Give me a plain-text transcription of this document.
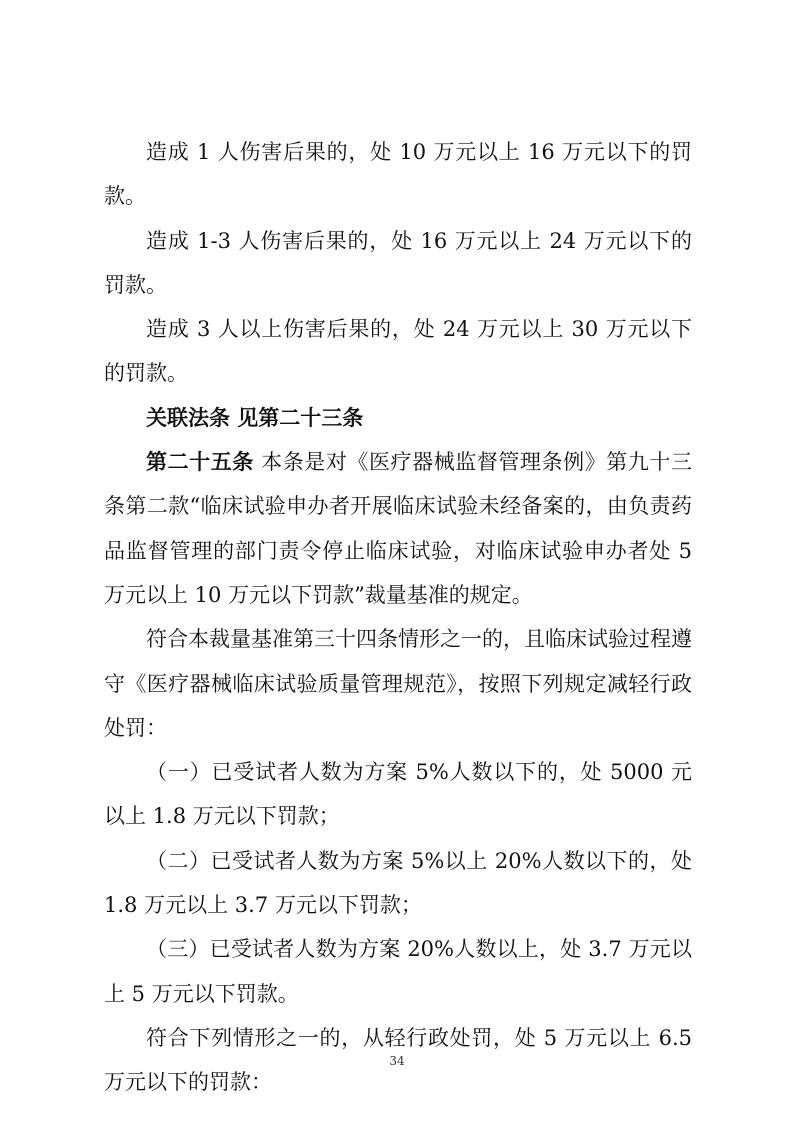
造成 1 人伤害后果的，处 10 万元以上 16 万元以下的罚款。

造成 1-3 人伤害后果的，处 16 万元以上 24 万元以下的罚款。

造成 3 人以上伤害后果的，处 24 万元以上 30 万元以下的罚款。

关联法条 见第二十三条

第二十五条 本条是对《医疗器械监督管理条例》第九十三条第二款“临床试验申办者开展临床试验未经备案的，由负责药品监督管理的部门责令停止临床试验，对临床试验申办者处 5 万元以上 10 万元以下罚款”裁量基准的规定。

符合本裁量基准第三十四条情形之一的，且临床试验过程遵守《医疗器械临床试验质量管理规范》，按照下列规定减轻行政处罚：

（一）已受试者人数为方案 5%人数以下的，处 5000 元以上 1.8 万元以下罚款；

（二）已受试者人数为方案 5%以上 20%人数以下的，处 1.8 万元以上 3.7 万元以下罚款；

（三）已受试者人数为方案 20%人数以上，处 3.7 万元以上 5 万元以下罚款。

符合下列情形之一的，从轻行政处罚，处 5 万元以上 6.5 万元以下的罚款：

34
